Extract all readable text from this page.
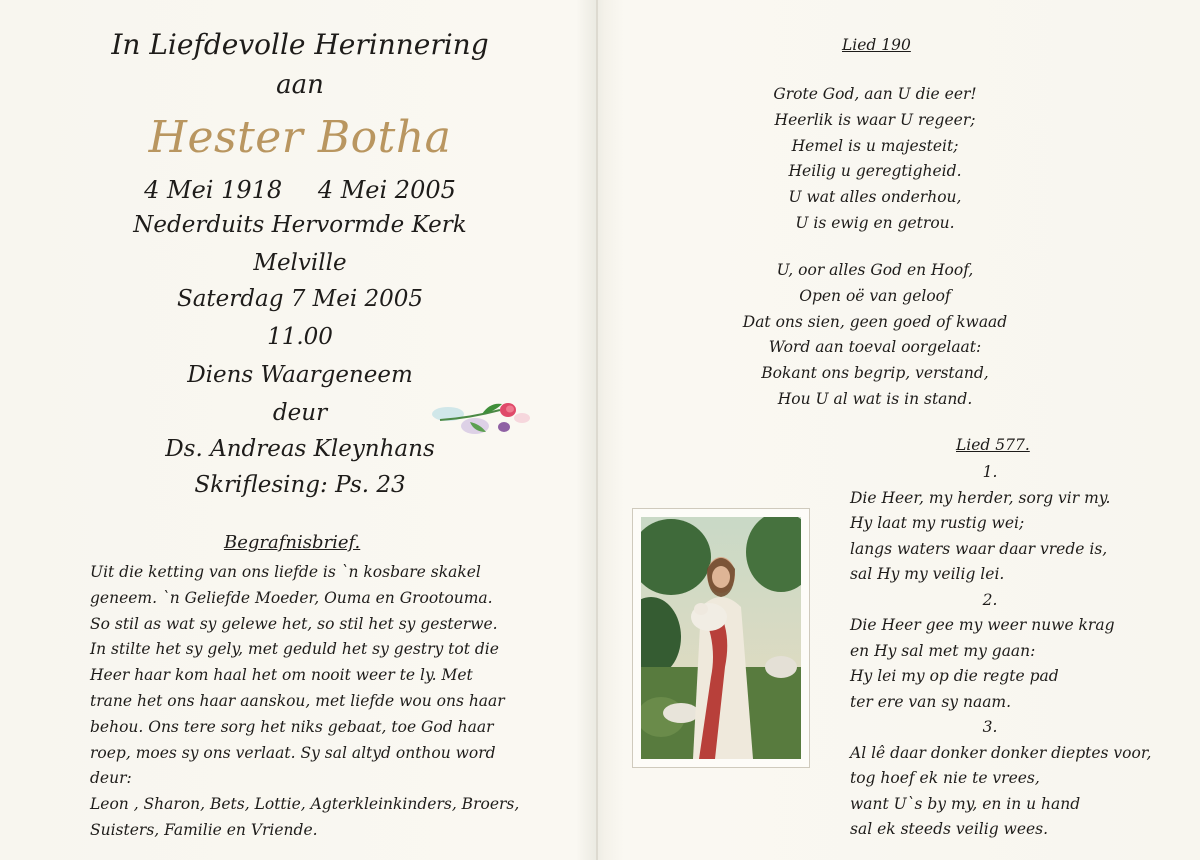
In Liefdevolle Herinnering
aan
Hester Botha
4 Mei 1918 4 Mei 2005
Nederduits Hervormde Kerk
Melville
Saterdag 7 Mei 2005
11.00
Diens Waargeneem
deur
Ds. Andreas Kleynhans
Skriflesing: Ps. 23
Begrafnisbrief.
Uit die ketting van ons liefde is `n kosbare skakel
geneem. `n Geliefde Moeder, Ouma en Grootouma.
So stil as wat sy gelewe het, so stil het sy gesterwe.
In stilte het sy gely, met geduld het sy gestry tot die
Heer haar kom haal het om nooit weer te ly. Met
trane het ons haar aanskou, met liefde wou ons haar
behou. Ons tere sorg het niks gebaat, toe God haar
roep, moes sy ons verlaat. Sy sal altyd onthou word
deur:
Leon , Sharon, Bets, Lottie, Agterkleinkinders, Broers,
Suisters, Familie en Vriende.
Lied 190
Grote God, aan U die eer!
Heerlik is waar U regeer;
Hemel is u majesteit;
Heilig u geregtigheid.
U wat alles onderhou,
U is ewig en getrou.
U, oor alles God en Hoof,
Open oë van geloof
Dat ons sien, geen goed of kwaad
Word aan toeval oorgelaat:
Bokant ons begrip, verstand,
Hou U al wat is in stand.
Lied 577.
1.
Die Heer, my herder, sorg vir my.
Hy laat my rustig wei;
langs waters waar daar vrede is,
sal Hy my veilig lei.
2.
Die Heer gee my weer nuwe krag
en Hy sal met my gaan:
Hy lei my op die regte pad
ter ere van sy naam.
3.
Al lê daar donker donker dieptes voor,
tog hoef ek nie te vrees,
want U`s by my, en in u hand
sal ek steeds veilig wees.
